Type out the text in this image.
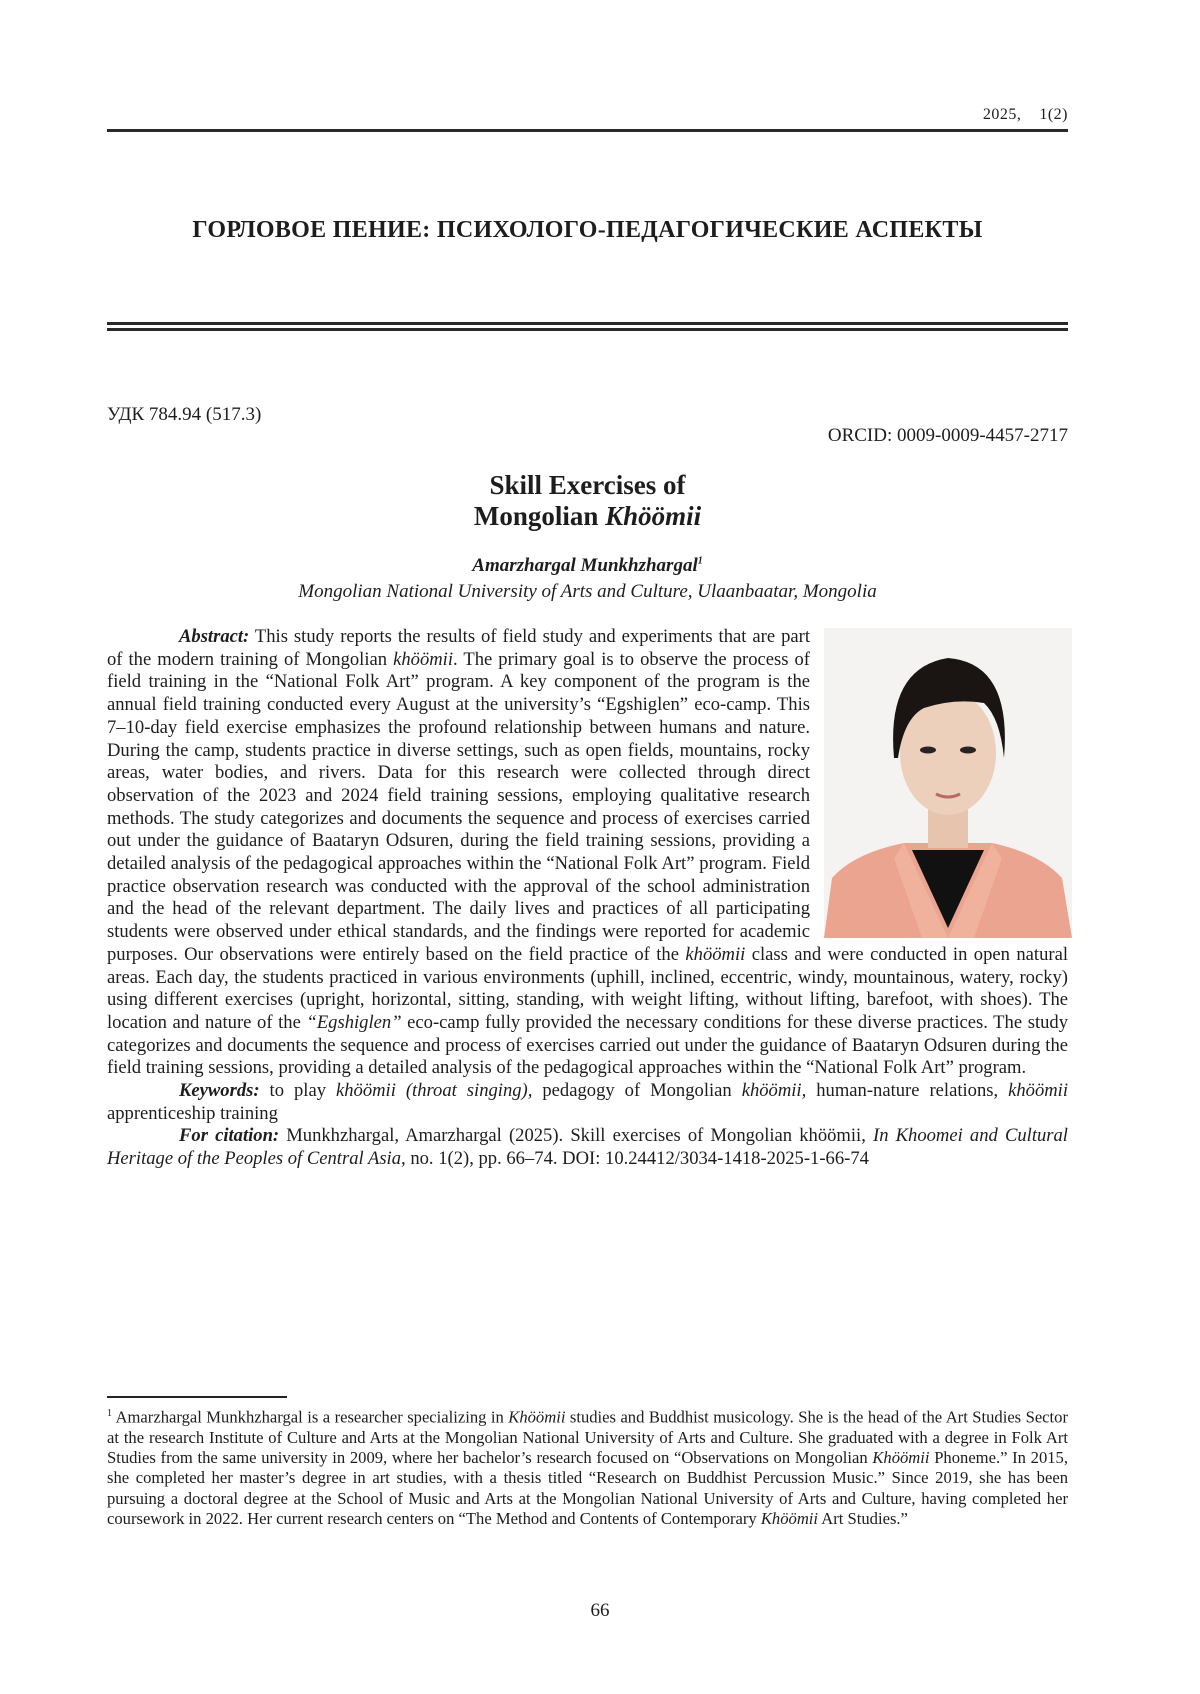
2025,    1(2)
ГОРЛОВОЕ ПЕНИЕ: ПСИХОЛОГО-ПЕДАГОГИЧЕСКИЕ АСПЕКТЫ
УДК 784.94 (517.3)
ORCID: 0009-0009-4457-2717
Skill Exercises of
Mongolian Khöömii
Amarzhargal Munkhzhargal1
Mongolian National University of Arts and Culture, Ulaanbaatar, Mongolia

Abstract: This study reports the results of field study and experiments that are part of the modern training of Mongolian khöömii. The primary goal is to observe the process of field training in the “National Folk Art” program. A key component of the program is the annual field training conducted every August at the university’s “Egshiglen” eco-camp. This 7–10-day field exercise emphasizes the profound relationship between humans and nature. During the camp, students practice in diverse settings, such as open fields, mountains, rocky areas, water bodies, and rivers. Data for this research were collected through direct observation of the 2023 and 2024 field training sessions, employing qualitative research methods. The study categorizes and documents the sequence and process of exercises carried out under the guidance of Baataryn Odsuren, during the field training sessions, providing a detailed analysis of the pedagogical approaches within the “National Folk Art” program. Field practice observation research was conducted with the approval of the school administration and the head of the relevant department. The daily lives and practices of all participating students were observed under ethical standards, and the findings were reported for academic purposes. Our observations were entirely based on the field practice of the khöömii class and were conducted in open natural areas. Each day, the students practiced in various environments (uphill, inclined, eccentric, windy, mountainous, watery, rocky) using different exercises (upright, horizontal, sitting, standing, with weight lifting, without lifting, barefoot, with shoes). The location and nature of the “Egshiglen” eco-camp fully provided the necessary conditions for these diverse practices. The study categorizes and documents the sequence and process of exercises carried out under the guidance of Baataryn Odsuren during the field training sessions, providing a detailed analysis of the pedagogical approaches within the “National Folk Art” program.

Keywords: to play khöömii (throat singing), pedagogy of Mongolian khöömii, human-nature relations, khöömii apprenticeship training

For citation: Munkhzhargal, Amarzhargal (2025). Skill exercises of Mongolian khöömii, In Khoomei and Cultural Heritage of the Peoples of Central Asia, no. 1(2), pp. 66–74. DOI: 10.24412/3034-1418-2025-1-66-74

1 Amarzhargal Munkhzhargal is a researcher specializing in Khöömii studies and Buddhist musicology. She is the head of the Art Studies Sector at the research Institute of Culture and Arts at the Mongolian National University of Arts and Culture. She graduated with a degree in Folk Art Studies from the same university in 2009, where her bachelor’s research focused on “Observations on Mongolian Khöömii Phoneme.” In 2015, she completed her master’s degree in art studies, with a thesis titled “Research on Buddhist Percussion Music.” Since 2019, she has been pursuing a doctoral degree at the School of Music and Arts at the Mongolian National University of Arts and Culture, having completed her coursework in 2022. Her current research centers on “The Method and Contents of Contemporary Khöömii Art Studies.”
66
